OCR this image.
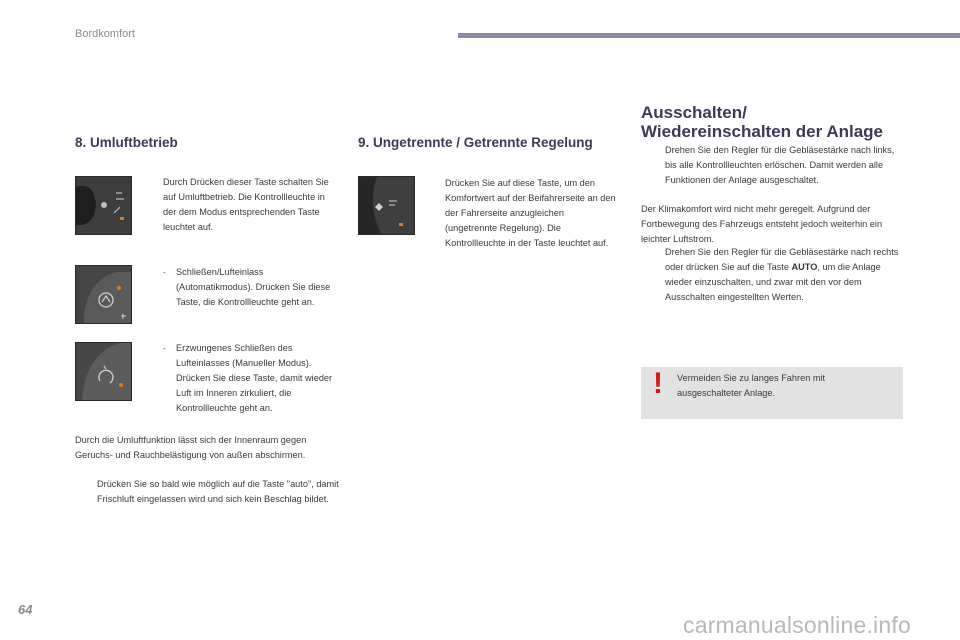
Bordkomfort
8. Umluftbetrieb
Durch Drücken dieser Taste schalten Sie auf Umluftbetrieb. Die Kontrollleuchte in der dem Modus entsprechenden Taste leuchtet auf.
-	Schließen/Lufteinlass (Automatikmodus). Drücken Sie diese Taste, die Kontrollleuchte geht an.
-	Erzwungenes Schließen des Lufteinlasses (Manueller Modus). Drücken Sie diese Taste, damit wieder Luft im Inneren zirkuliert, die Kontrollleuchte geht an.
Durch die Umluftfunktion lässt sich der Innenraum gegen Geruchs- und Rauchbelästigung von außen abschirmen.
Drücken Sie so bald wie möglich auf die Taste "auto", damit Frischluft eingelassen wird und sich kein Beschlag bildet.
9. Ungetrennte / Getrennte Regelung
Drücken Sie auf diese Taste, um den Komfortwert auf der Beifahrerseite an den der Fahrerseite anzugleichen (ungetrennte Regelung). Die Kontrollleuchte in der Taste leuchtet auf.
Ausschalten/
Wiedereinschalten der Anlage
Drehen Sie den Regler für die Gebläsestärke nach links, bis alle Kontrollleuchten erlöschen. Damit werden alle Funktionen der Anlage ausgeschaltet.
Der Klimakomfort wird nicht mehr geregelt. Aufgrund der Fortbewegung des Fahrzeugs entsteht jedoch weiterhin ein leichter Luftstrom.
Drehen Sie den Regler für die Gebläsestärke nach rechts oder drücken Sie auf die Taste AUTO, um die Anlage wieder einzuschalten, und zwar mit den vor dem Ausschalten eingestellten Werten.
! Vermeiden Sie zu langes Fahren mit ausgeschalteter Anlage.
64
carmanualsonline.info
